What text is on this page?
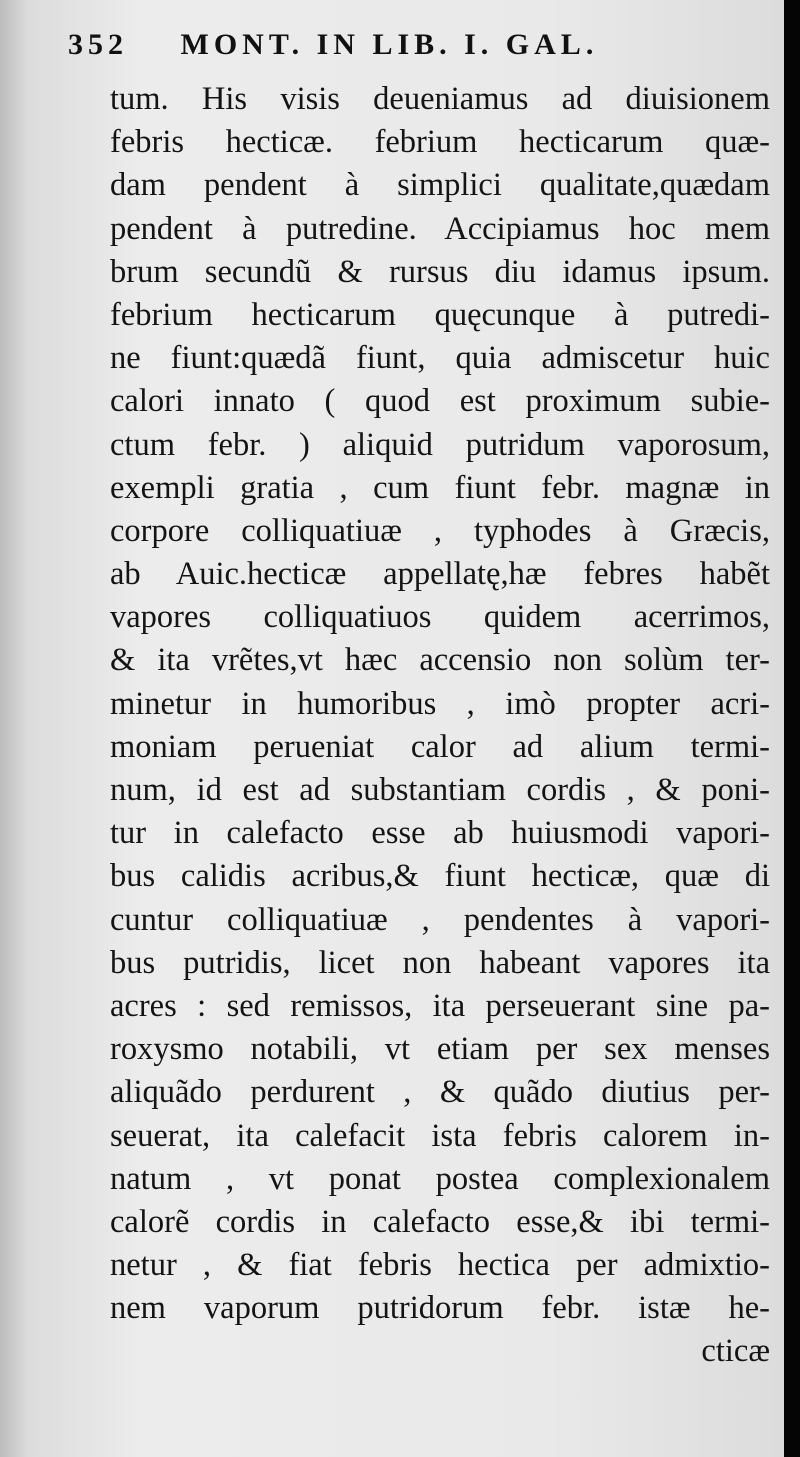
352 MONT. IN LIB. I. GAL.
tum. His visis deueniamus ad diuisionem
febris hecticæ. febrium hecticarum quæ-
dam pendent à simplici qualitate,quædam
pendent à putredine. Accipiamus hoc mem
brum secundũ & rursus diu idamus ipsum.
febrium hecticarum quęcunque à putredi-
ne fiunt:quædã fiunt, quia admiscetur huic
calori innato ( quod est proximum subie-
ctum febr. ) aliquid putridum vaporosum,
exempli gratia , cum fiunt febr. magnæ in
corpore colliquatiuæ , typhodes à Græcis,
ab Auic.hecticæ appellatę,hæ febres habẽt
vapores colliquatiuos quidem acerrimos,
& ita vrẽtes,vt hæc accensio non solùm ter-
minetur in humoribus , imò propter acri-
moniam perueniat calor ad alium termi-
num, id est ad substantiam cordis , & poni-
tur in calefacto esse ab huiusmodi vapori-
bus calidis acribus,& fiunt hecticæ, quæ di
cuntur colliquatiuæ , pendentes à vapori-
bus putridis, licet non habeant vapores ita
acres : sed remissos, ita perseuerant sine pa-
roxysmo notabili, vt etiam per sex menses
aliquãdo perdurent , & quãdo diutius per-
seuerat, ita calefacit ista febris calorem in-
natum , vt ponat postea complexionalem
calorẽ cordis in calefacto esse,& ibi termi-
netur , & fiat febris hectica per admixtio-
nem vaporum putridorum febr. istæ he-
cticæ
